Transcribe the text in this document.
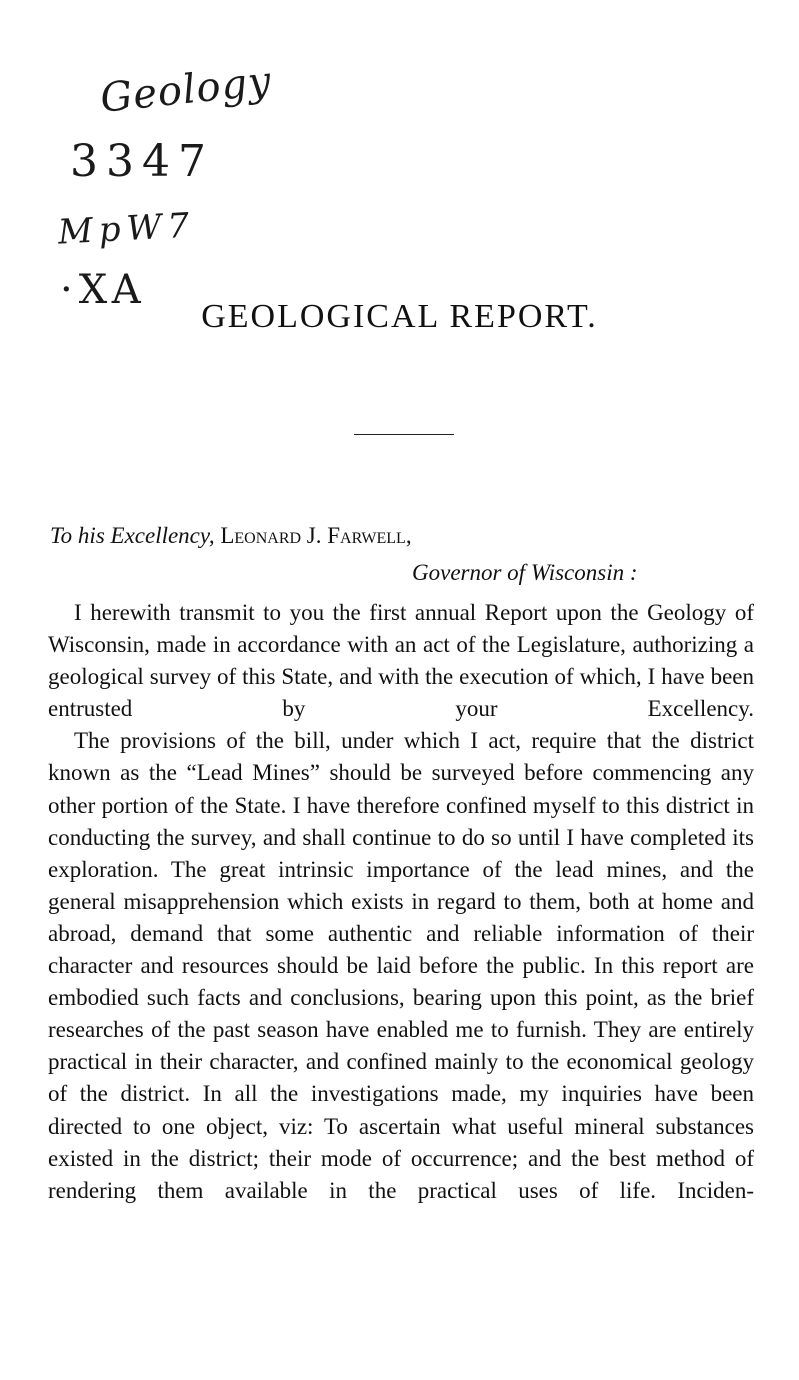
Geology
3347
MpW7
·XA
GEOLOGICAL REPORT.
To his Excellency, Leonard J. Farwell,
Governor of Wisconsin :

I herewith transmit to you the first annual Report upon the Geology of Wisconsin, made in accordance with an act of the Legislature, authorizing a geological survey of this State, and with the execution of which, I have been entrusted by your Excellency.

The provisions of the bill, under which I act, require that the district known as the “Lead Mines” should be surveyed before commencing any other portion of the State. I have therefore confined myself to this district in conducting the survey, and shall continue to do so until I have completed its exploration. The great intrinsic importance of the lead mines, and the general misapprehension which exists in regard to them, both at home and abroad, demand that some authentic and reliable information of their character and resources should be laid before the public. In this report are embodied such facts and conclusions, bearing upon this point, as the brief researches of the past season have enabled me to furnish. They are entirely practical in their character, and confined mainly to the economical geology of the district. In all the investigations made, my inquiries have been directed to one object, viz: To ascertain what useful mineral substances existed in the district; their mode of occurrence; and the best method of rendering them available in the practical uses of life. Inciden-
